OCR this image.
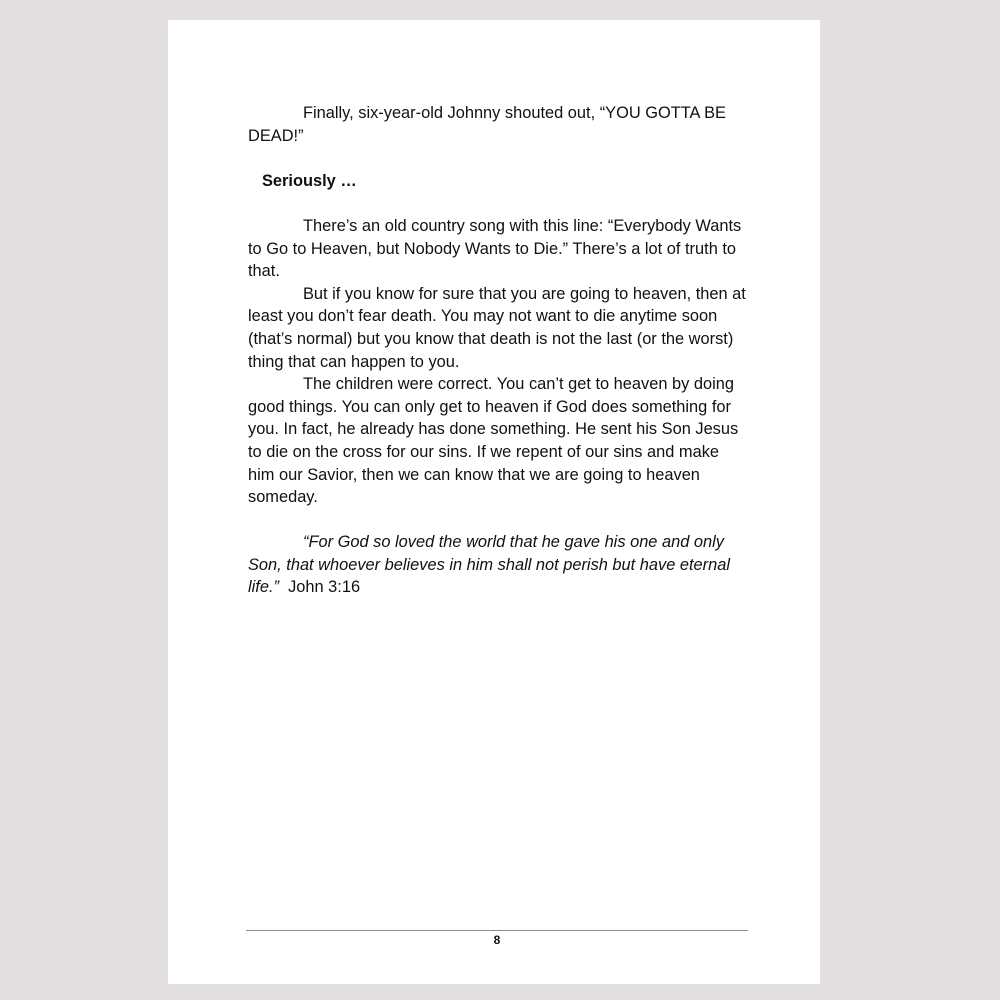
Finally, six-year-old Johnny shouted out, “YOU GOTTA BE DEAD!”

Seriously …

There’s an old country song with this line: “Everybody Wants to Go to Heaven, but Nobody Wants to Die.” There’s a lot of truth to that.

But if you know for sure that you are going to heaven, then at least you don’t fear death. You may not want to die anytime soon (that’s normal) but you know that death is not the last (or the worst) thing that can happen to you.

The children were correct. You can’t get to heaven by doing good things. You can only get to heaven if God does something for you. In fact, he already has done something. He sent his Son Jesus to die on the cross for our sins. If we repent of our sins and make him our Savior, then we can know that we are going to heaven someday.

“For God so loved the world that he gave his one and only Son, that whoever believes in him shall not perish but have eternal life.” John 3:16

8
